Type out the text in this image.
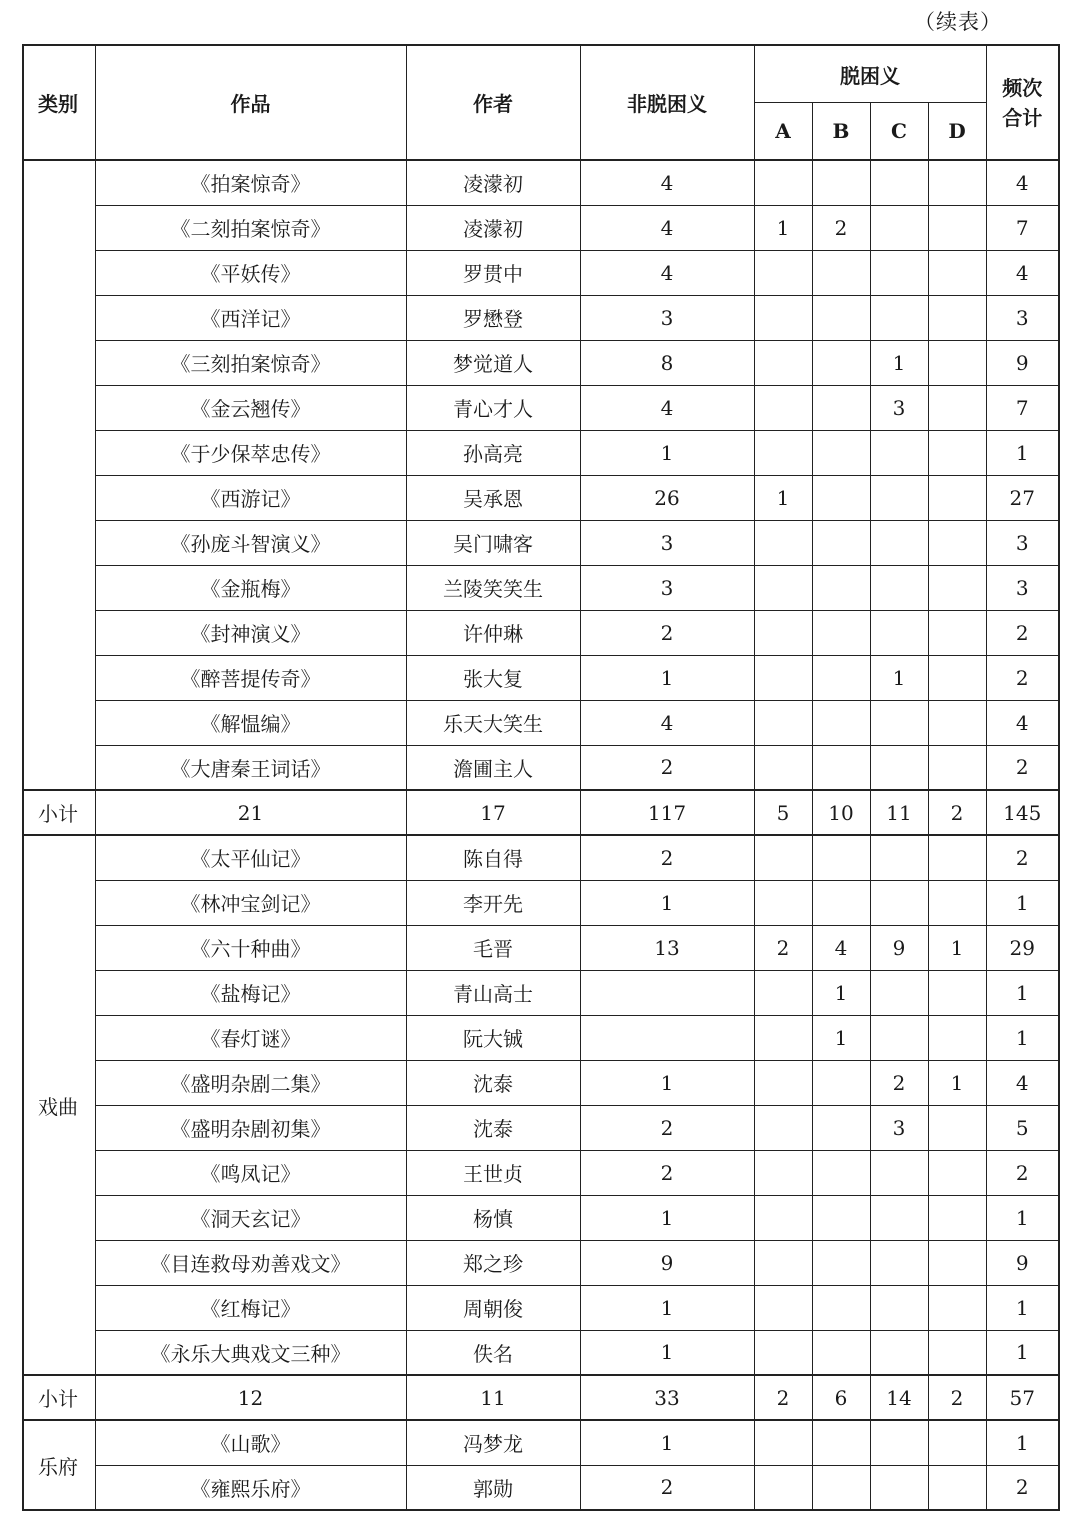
（续表）
类别	作品	作者	非脱困义	脱困义				频次合计
				A	B	C	D	
	《拍案惊奇》	凌濛初	4					4
	《二刻拍案惊奇》	凌濛初	4	1	2			7
	《平妖传》	罗贯中	4					4
	《西洋记》	罗懋登	3					3
	《三刻拍案惊奇》	梦觉道人	8			1		9
	《金云翘传》	青心才人	4			3		7
	《于少保萃忠传》	孙高亮	1					1
	《西游记》	吴承恩	26	1				27
	《孙庞斗智演义》	吴门啸客	3					3
	《金瓶梅》	兰陵笑笑生	3					3
	《封神演义》	许仲琳	2					2
	《醉菩提传奇》	张大复	1			1		2
	《解愠编》	乐天大笑生	4					4
	《大唐秦王词话》	澹圃主人	2					2
小计	21	17	117	5	10	11	2	145
戏曲	《太平仙记》	陈自得	2					2
	《林冲宝剑记》	李开先	1					1
	《六十种曲》	毛晋	13	2	4	9	1	29
	《盐梅记》	青山高士			1			1
	《春灯谜》	阮大铖			1			1
	《盛明杂剧二集》	沈泰	1			2	1	4
	《盛明杂剧初集》	沈泰	2			3		5
	《鸣凤记》	王世贞	2					2
	《洞天玄记》	杨慎	1					1
	《目连救母劝善戏文》	郑之珍	9					9
	《红梅记》	周朝俊	1					1
	《永乐大典戏文三种》	佚名	1					1
小计	12	11	33	2	6	14	2	57
乐府	《山歌》	冯梦龙	1					1
	《雍熙乐府》	郭勋	2					2
